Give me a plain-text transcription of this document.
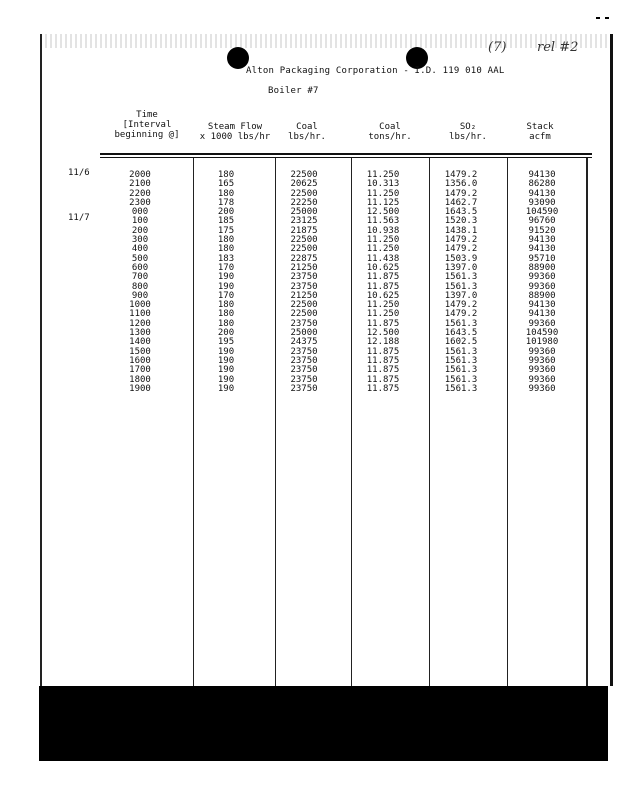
(7) rel #2
Alton Packaging Corporation - I.D. 119 010 AAL
Boiler #7
Time
[Interval
beginning @]
Steam Flow
x 1000 lbs/hr
Coal
lbs/hr.
Coal
tons/hr.
SO₂
lbs/hr.
Stack
acfm
11/6
11/7
2000
2100
2200
2300
000
100
200
300
400
500
600
700
800
900
1000
1100
1200
1300
1400
1500
1600
1700
1800
1900
180
165
180
178
200
185
175
180
180
183
170
190
190
170
180
180
180
200
195
190
190
190
190
190
22500
20625
22500
22250
25000
23125
21875
22500
22500
22875
21250
23750
23750
21250
22500
22500
23750
25000
24375
23750
23750
23750
23750
23750
11.250
10.313
11.250
11.125
12.500
11.563
10.938
11.250
11.250
11.438
10.625
11.875
11.875
10.625
11.250
11.250
11.875
12.500
12.188
11.875
11.875
11.875
11.875
11.875
1479.2
1356.0
1479.2
1462.7
1643.5
1520.3
1438.1
1479.2
1479.2
1503.9
1397.0
1561.3
1561.3
1397.0
1479.2
1479.2
1561.3
1643.5
1602.5
1561.3
1561.3
1561.3
1561.3
1561.3
94130
86280
94130
93090
104590
96760
91520
94130
94130
95710
88900
99360
99360
88900
94130
94130
99360
104590
101980
99360
99360
99360
99360
99360
